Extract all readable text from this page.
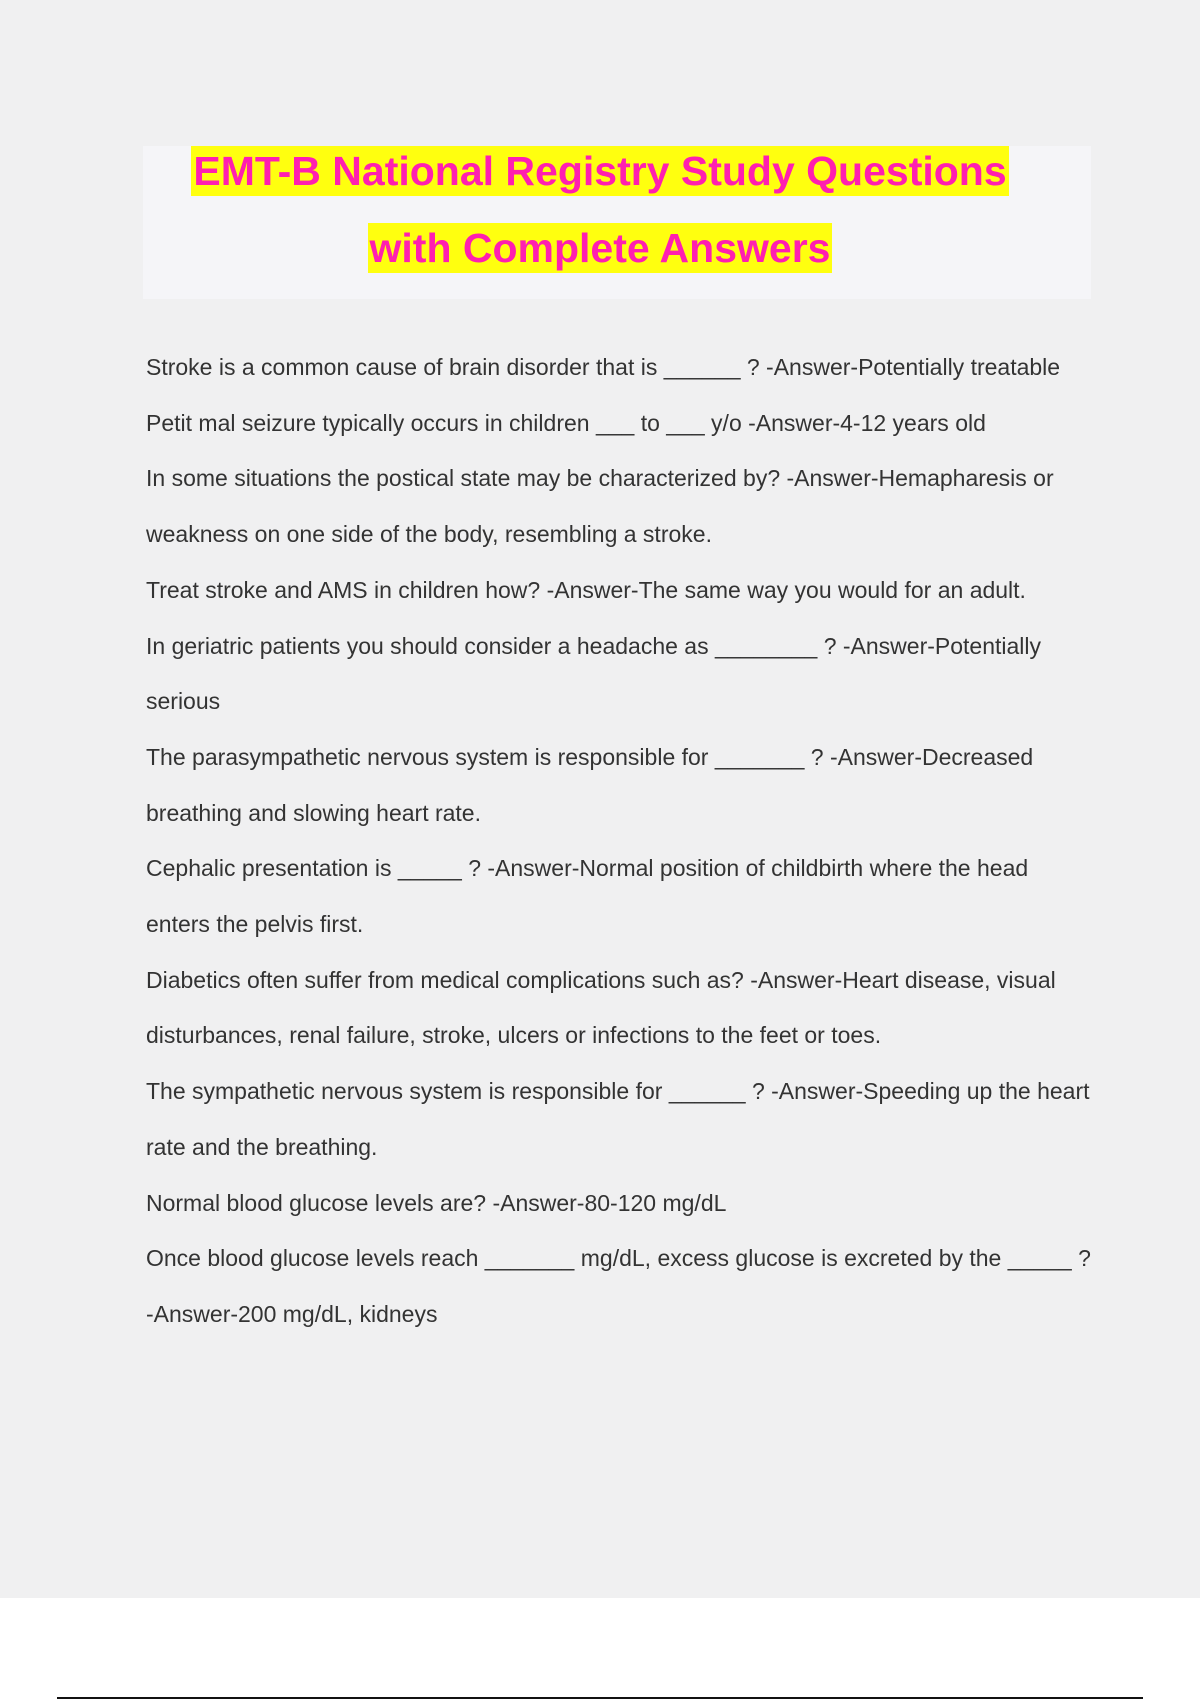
EMT-B National Registry Study Questions
with Complete Answers

Stroke is a common cause of brain disorder that is ______ ? -Answer-Potentially treatable

Petit mal seizure typically occurs in children ___ to ___ y/o -Answer-4-12 years old

In some situations the postical state may be characterized by? -Answer-Hemapharesis or weakness on one side of the body, resembling a stroke.

Treat stroke and AMS in children how? -Answer-The same way you would for an adult.

In geriatric patients you should consider a headache as ________ ? -Answer-Potentially serious

The parasympathetic nervous system is responsible for _______ ? -Answer-Decreased breathing and slowing heart rate.

Cephalic presentation is _____ ? -Answer-Normal position of childbirth where the head enters the pelvis first.

Diabetics often suffer from medical complications such as? -Answer-Heart disease, visual disturbances, renal failure, stroke, ulcers or infections to the feet or toes.

The sympathetic nervous system is responsible for ______ ? -Answer-Speeding up the heart rate and the breathing.

Normal blood glucose levels are? -Answer-80-120 mg/dL

Once blood glucose levels reach _______ mg/dL, excess glucose is excreted by the _____ ? -Answer-200 mg/dL, kidneys
